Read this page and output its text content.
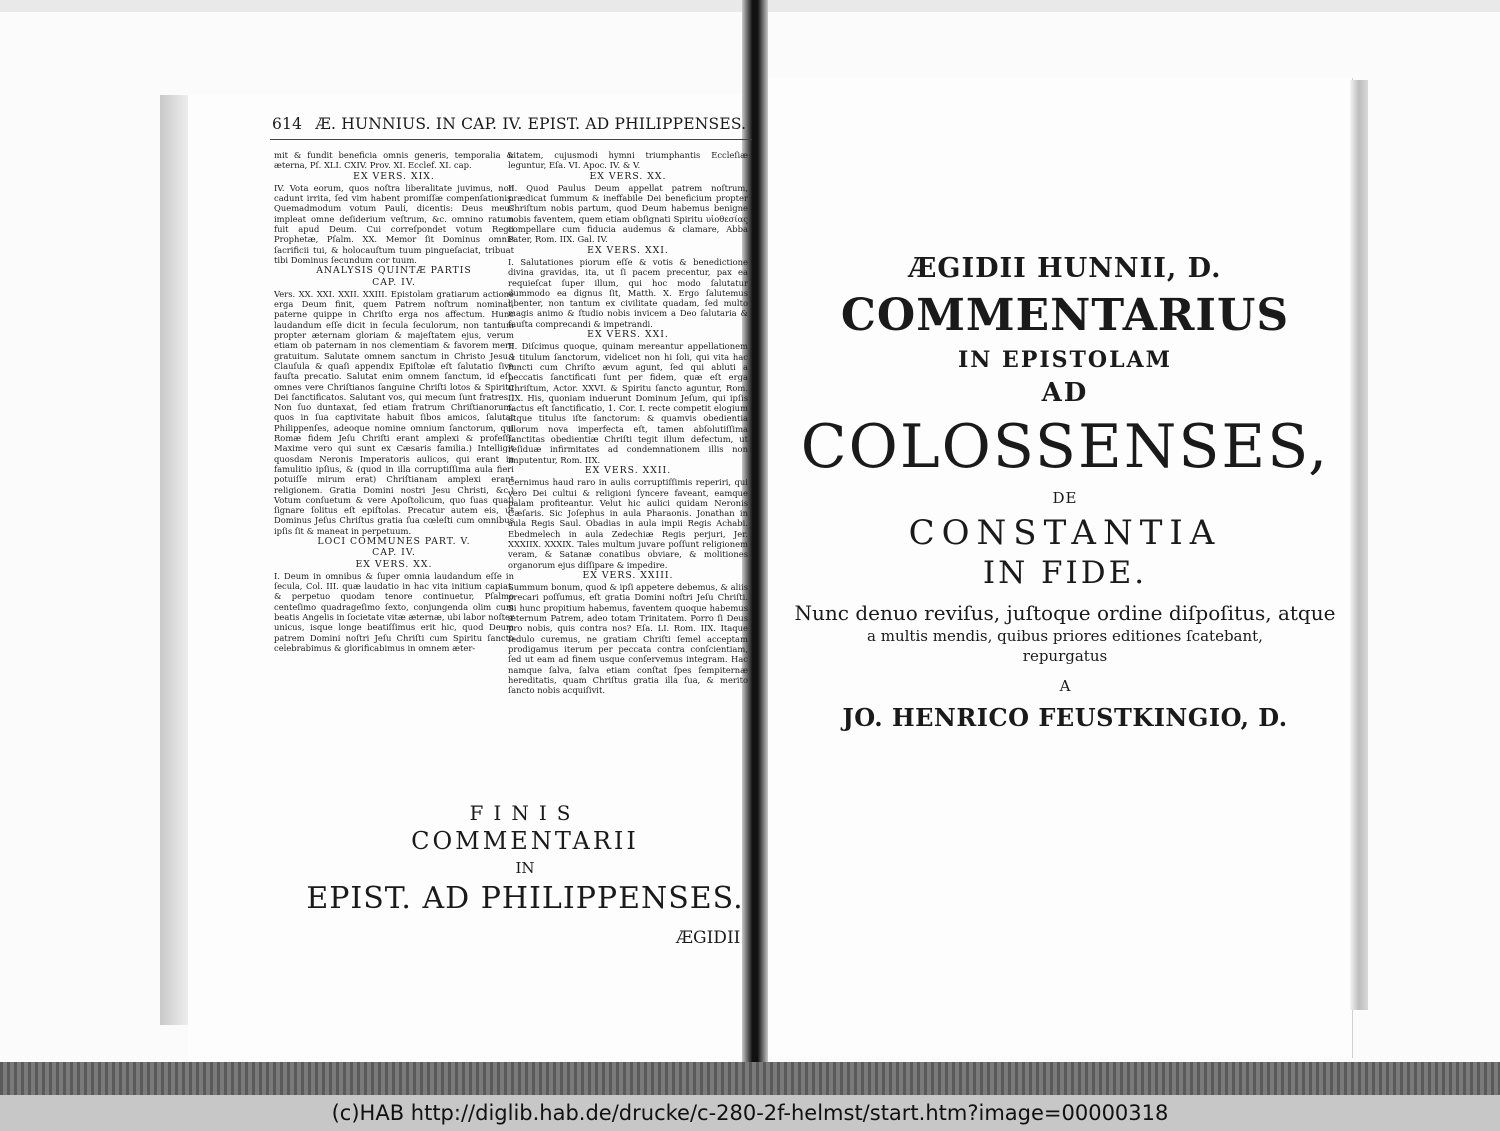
614 Æ. HUNNIUS. IN CAP. IV. EPIST. AD PHILIPPENSES.

mit & fundit beneficia omnis generis, temporalia & æterna, Pſ. XLI. CXIV. Prov. XI. Ecclef. XI. cap.

EX VERS. XIX.

IV. Vota eorum, quos noſtra liberalitate juvimus, non cadunt irrita, ſed vim habent promiſſæ compenſationis. Quemadmodum votum Pauli, dicentis: Deus meus impleat omne deſiderium veſtrum, &c. omnino ratum fuit apud Deum. Cui correſpondet votum Regii Prophetæ, Pſalm. XX. Memor ſit Dominus omnis ſacrificii tui, & holocauſtum tuum pingueſaciat, tribuat tibi Dominus ſecundum cor tuum.

ANALYSIS QUINTÆ PARTIS
CAP. IV.

Vers. XX. XXI. XXII. XXIII. Epistolam gratiarum actione erga Deum finit, quem Patrem noſtrum nominat, paterne quippe in Chriſto erga nos affectum. Hunc laudandum eſſe dicit in ſecula ſeculorum, non tantum propter æternam gloriam & majeſtatem ejus, verum etiam ob paternam in nos clementiam & favorem mere gratuitum. Salutate omnem sanctum in Christo Jesu.) Clauſula & quaſi appendix Epiſtolæ eſt ſalutatio ſive fauſta precatio. Salutat enim omnem ſanctum, id eſt, omnes vere Chriſtianos ſanguine Chriſti lotos & Spiritu Dei ſanctificatos. Salutant vos, qui mecum ſunt fratres.) Non ſuo duntaxat, ſed etiam fratrum Chriſtianorum, quos in ſua captivitate habuit ſibos amicos, ſalutat Philippenſes, adeoque nomine omnium ſanctorum, qui Romæ fidem Jeſu Chriſti erant amplexi & profeſſi. Maxime vero qui sunt ex Cæsaris familia.) Intelligit quosdam Neronis Imperatoris aulicos, qui erant in famulitio ipſius, & (quod in illa corruptiſſima aula fieri potuiſſe mirum erat) Chriſtianam amplexi erant religionem. Gratia Domini nostri Jesu Christi, &c.) Votum conſuetum & vere Apoſtolicum, quo ſuas quaſi ſignare ſolitus eſt epiſtolas. Precatur autem eis, ut Dominus Jeſus Chriſtus gratia ſua cœleſti cum omnibus ipſis ſit & maneat in perpetuum.

LOCI COMMUNES PART. V.
CAP. IV.
EX VERS. XX.

I. Deum in omnibus & ſuper omnia laudandum eſſe in ſecula, Col. III. quæ laudatio in hac vita initium capiat, & perpetuo quodam tenore continuetur, Pſalmo centeſimo quadrageſimo ſexto, conjungenda olim cum beatis Angelis in ſocietate vitæ æternæ, ubi labor noſter unicus, isque longe beatiſſimus erit hic, quod Deum patrem Domini noſtri Jeſu Chriſti cum Spiritu ſancto celebrabimus & glorificabimus in omnem æter-

nitatem, cujusmodi hymni triumphantis Eccleſiæ leguntur, Eſa. VI. Apoc. IV. & V.

EX VERS. XX.

II. Quod Paulus Deum appellat patrem noſtrum, prædicat ſummum & ineffabile Dei beneficium propter Chriſtum nobis partum, quod Deum habemus benigne nobis faventem, quem etiam obſignati Spiritu υἱοθεσίας compellare cum fiducia audemus & clamare, Abba Pater, Rom. IIX. Gal. IV.

EX VERS. XXI.

I. Salutationes piorum eſſe & votis & benedictione divina gravidas, ita, ut ſi pacem precentur, pax ea requieſcat ſuper illum, qui hoc modo ſalutatur dummodo ea dignus ſit, Matth. X. Ergo ſalutemus libenter, non tantum ex civilitate quadam, ſed multo magis animo & ſtudio nobis invicem a Deo ſalutaria & fauſta comprecandi & impetrandi.

EX VERS. XXI.

II. Diſcimus quoque, quinam mereantur appellationem & titulum ſanctorum, videlicet non hi ſoli, qui vita hac functi cum Chriſto ævum agunt, ſed qui abluti a peccatis ſanctificati ſunt per fidem, quæ eſt erga Chriſtum, Actor. XXVI. & Spiritu ſancto aguntur, Rom. IIX. His, quoniam induerunt Dominum Jeſum, qui ipſis factus eſt ſanctificatio, 1. Cor. I. recte competit elogium atque titulus iſte ſanctorum: & quamvis obedientia illorum nova imperfecta eſt, tamen abſolutiſſima ſanctitas obedientiæ Chriſti tegit illum defectum, ut reſiduæ infirmitates ad condemnationem illis non imputentur, Rom. IIX.

EX VERS. XXII.

Cernimus haud raro in aulis corruptiſſimis reperiri, qui vero Dei cultui & religioni ſyncere faveant, eamque palam profiteantur. Velut hic aulici quidam Neronis Cæſaris. Sic Joſephus in aula Pharaonis. Jonathan in aula Regis Saul. Obadias in aula impii Regis Achabi. Ebedmelech in aula Zedechiæ Regis perjuri, Jer. XXXIIX. XXXIX. Tales multum juvare poſſunt religionem veram, & Satanæ conatibus obviare, & molitiones organorum ejus diſſipare & impedire.

EX VERS. XXIII.

Summum bonum, quod & ipſi appetere debemus, & aliis precari poſſumus, eſt gratia Domini noſtri Jeſu Chriſti. Si hunc propitium habemus, faventem quoque habemus æternum Patrem, adeo totam Trinitatem. Porro ſi Deus pro nobis, quis contra nos? Eſa. LI. Rom. IIX. Itaque ſedulo curemus, ne gratiam Chriſti ſemel acceptam prodigamus iterum per peccata contra conſcientiam, ſed ut eam ad finem usque conſervemus integram. Hac namque ſalva, ſalva etiam conſtat ſpes ſempiternæ hereditatis, quam Chriſtus gratia illa ſua, & merito ſancto nobis acquiſivit.

FINIS
COMMENTARII
IN
EPIST. AD PHILIPPENSES.
ÆGIDII
ÆGIDII HUNNII, D.
COMMENTARIUS
IN EPISTOLAM
AD
COLOSSENSES,
DE
CONSTANTIA
IN FIDE.
Nunc denuo reviſus, juſtoque ordine diſpoſitus, atque
a multis mendis, quibus priores editiones ſcatebant,
repurgatus
A
JO. HENRICO FEUSTKINGIO, D.
(c)HAB http://diglib.hab.de/drucke/c-280-2f-helmst/start.htm?image=00000318
